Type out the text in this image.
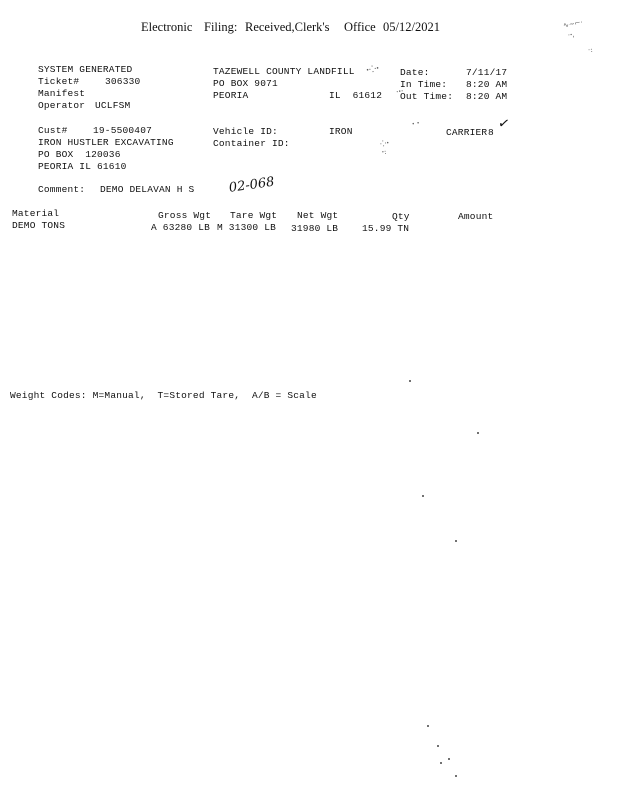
Electronic Filing: Received,Clerk's Office 05/12/2021	∿~⌐·
·ꞏ,
·:
SYSTEM GENERATED
Ticket#	306330
Manifest
Operator UCLFSM
TAZEWELL COUNTY LANDFILL
PO BOX 9071
PEORIA	IL  61612
ꞏ⁘ꞏ
·ꞏ·
Date:	7/11/17
In Time: 8:20 AM
Out Time: 8:20 AM
Cust#	19-5500407
IRON HUSTLER EXCAVATING
PO BOX  120036
PEORIA IL 61610
Vehicle ID:	IRON
Container ID:
ꞏ ꞏ
⁘ꞏ
ꞏ:
CARRIER 8 ✓
Comment: DEMO DELAVAN H S	02-068
Material	Gross Wgt Tare Wgt Net Wgt	Qty	Amount
DEMO TONS	A 63280 LB M 31300 LB 31980 LB	15.99 TN
Weight Codes: M=Manual,  T=Stored Tare,  A/B = Scale
